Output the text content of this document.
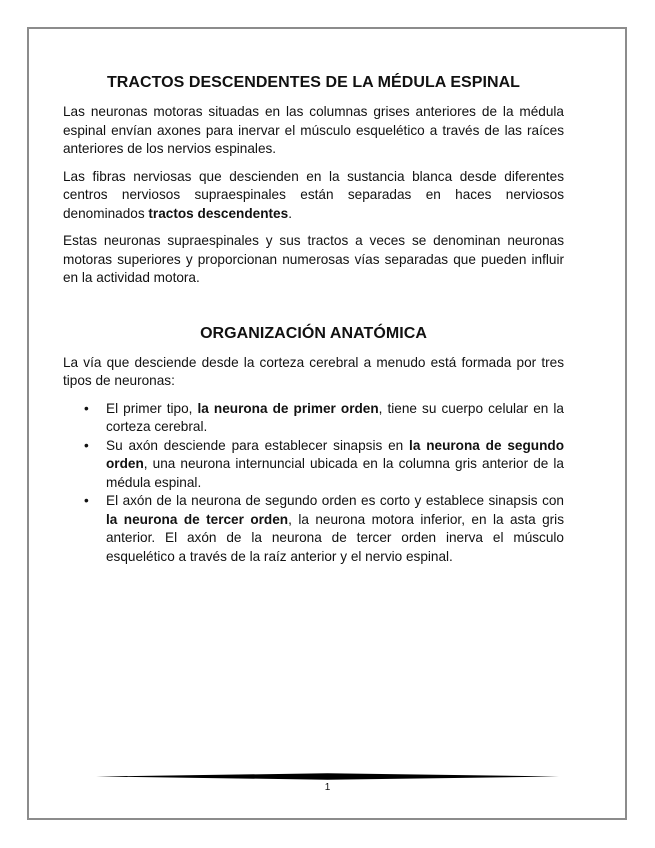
TRACTOS DESCENDENTES DE LA MÉDULA ESPINAL

Las neuronas motoras situadas en las columnas grises anteriores de la médula espinal envían axones para inervar el músculo esquelético a través de las raíces anteriores de los nervios espinales.

Las fibras nerviosas que descienden en la sustancia blanca desde diferentes centros nerviosos supraespinales están separadas en haces nerviosos denominados tractos descendentes.

Estas neuronas supraespinales y sus tractos a veces se denominan neuronas motoras superiores y proporcionan numerosas vías separadas que pueden influir en la actividad motora.

ORGANIZACIÓN ANATÓMICA

La vía que desciende desde la corteza cerebral a menudo está formada por tres tipos de neuronas:

• El primer tipo, la neurona de primer orden, tiene su cuerpo celular en la corteza cerebral.
• Su axón desciende para establecer sinapsis en la neurona de segundo orden, una neurona internuncial ubicada en la columna gris anterior de la médula espinal.
• El axón de la neurona de segundo orden es corto y establece sinapsis con la neurona de tercer orden, la neurona motora inferior, en la asta gris anterior. El axón de la neurona de tercer orden inerva el músculo esquelético a través de la raíz anterior y el nervio espinal.
1
